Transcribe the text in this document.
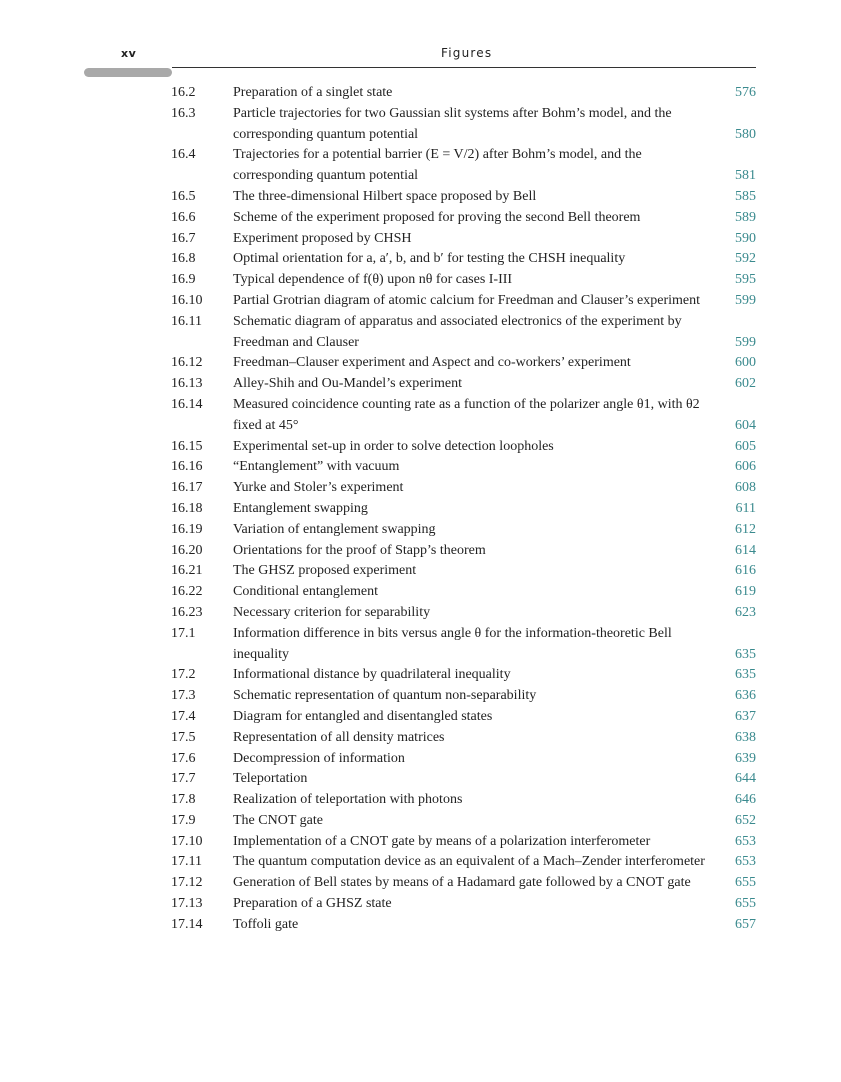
xv	Figures
16.2	Preparation of a singlet state	576
16.3	Particle trajectories for two Gaussian slit systems after Bohm’s model, and the corresponding quantum potential	580
16.4	Trajectories for a potential barrier (E = V/2) after Bohm’s model, and the corresponding quantum potential	581
16.5	The three-dimensional Hilbert space proposed by Bell	585
16.6	Scheme of the experiment proposed for proving the second Bell theorem	589
16.7	Experiment proposed by CHSH	590
16.8	Optimal orientation for a, a′, b, and b′ for testing the CHSH inequality	592
16.9	Typical dependence of f(θ) upon nθ for cases I-III	595
16.10	Partial Grotrian diagram of atomic calcium for Freedman and Clauser’s experiment	599
16.11	Schematic diagram of apparatus and associated electronics of the experiment by Freedman and Clauser	599
16.12	Freedman–Clauser experiment and Aspect and co-workers’ experiment	600
16.13	Alley-Shih and Ou-Mandel’s experiment	602
16.14	Measured coincidence counting rate as a function of the polarizer angle θ1, with θ2 fixed at 45°	604
16.15	Experimental set-up in order to solve detection loopholes	605
16.16	“Entanglement” with vacuum	606
16.17	Yurke and Stoler’s experiment	608
16.18	Entanglement swapping	611
16.19	Variation of entanglement swapping	612
16.20	Orientations for the proof of Stapp’s theorem	614
16.21	The GHSZ proposed experiment	616
16.22	Conditional entanglement	619
16.23	Necessary criterion for separability	623
17.1	Information difference in bits versus angle θ for the information-theoretic Bell inequality	635
17.2	Informational distance by quadrilateral inequality	635
17.3	Schematic representation of quantum non-separability	636
17.4	Diagram for entangled and disentangled states	637
17.5	Representation of all density matrices	638
17.6	Decompression of information	639
17.7	Teleportation	644
17.8	Realization of teleportation with photons	646
17.9	The CNOT gate	652
17.10	Implementation of a CNOT gate by means of a polarization interferometer	653
17.11	The quantum computation device as an equivalent of a Mach–Zender interferometer	653
17.12	Generation of Bell states by means of a Hadamard gate followed by a CNOT gate	655
17.13	Preparation of a GHSZ state	655
17.14	Toffoli gate	657
